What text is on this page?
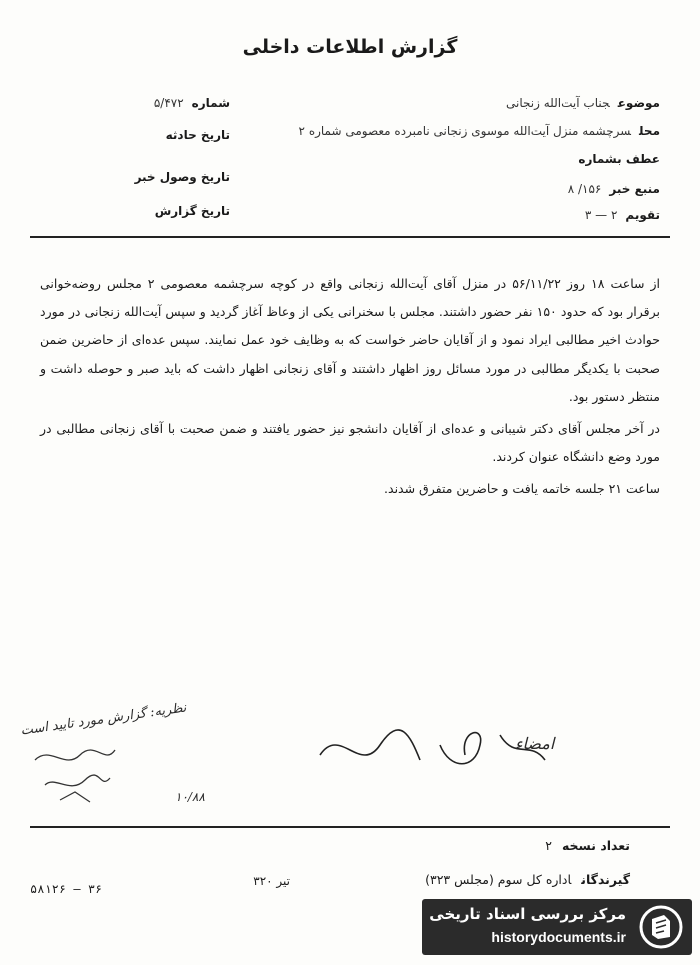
گزارش اطلاعات داخلی
موضوعجناب آیت‌الله زنجانی
محلسرچشمه منزل آیت‌الله موسوی زنجانی نامبرده معصومی شماره ۲
عطف بشماره
منبع خبر۱۵۶/ ۸
تقویم۲ — ۳
شماره۵/۴۷۲
تاریخ حادثه
تاریخ وصول خبر
تاریخ گزارش

از ساعت ۱۸ روز ۵۶/۱۱/۲۲ در منزل آقای آیت‌الله زنجانی واقع در کوچه سرچشمه معصومی ۲ مجلس روضه‌خوانی برقرار بود که حدود ۱۵۰ نفر حضور داشتند. مجلس با سخنرانی یکی از وعاظ آغاز گردید و سپس آیت‌الله زنجانی در مورد حوادث اخیر مطالبی ایراد نمود و از آقایان حاضر خواست که به وظایف خود عمل نمایند. سپس عده‌ای از حاضرین ضمن صحبت با یکدیگر مطالبی در مورد مسائل روز اظهار داشتند و آقای زنجانی اظهار داشت که باید صبر و حوصله داشت و منتظر دستور بود.

در آخر مجلس آقای دکتر شیبانی و عده‌ای از آقایان دانشجو نیز حضور یافتند و ضمن صحبت با آقای زنجانی مطالبی در مورد وضع دانشگاه عنوان کردند.

ساعت ۲۱ جلسه خاتمه یافت و حاضرین متفرق شدند.

نظریه: گزارش مورد تایید است
امضاء
۱۰/۸۸
تعداد نسخه۲
گیرندگاناداره کل سوم (مجلس ۳۲۳)
تیر ۳۲۰
۳۶ — ۵۸۱۲۶
مرکز بررسی اسناد تاریخی
historydocuments.ir
